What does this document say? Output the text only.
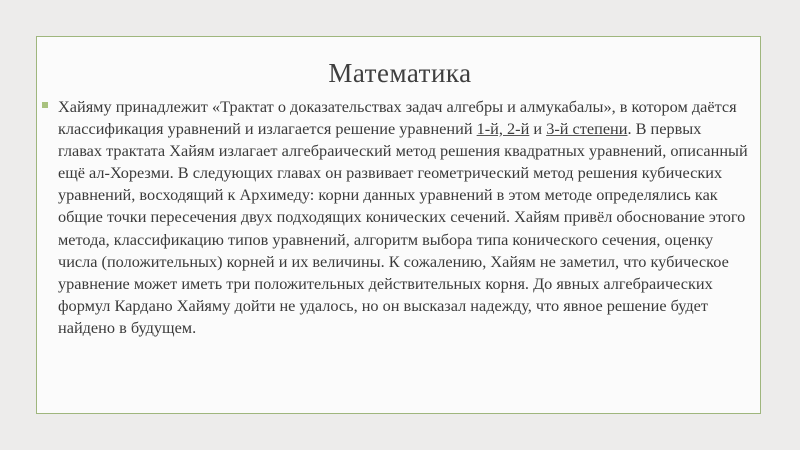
Математика
Хайяму принадлежит «Трактат о доказательствах задач алгебры и алмукабалы», в котором даётся классификация уравнений и излагается решение уравнений 1-й, 2-й и 3-й степени. В первых главах трактата Хайям излагает алгебраический метод решения квадратных уравнений, описанный ещё ал-Хорезми. В следующих главах он развивает геометрический метод решения кубических уравнений, восходящий к Архимеду: корни данных уравнений в этом методе определялись как общие точки пересечения двух подходящих конических сечений. Хайям привёл обоснование этого метода, классификацию типов уравнений, алгоритм выбора типа конического сечения, оценку числа (положительных) корней и их величины. К сожалению, Хайям не заметил, что кубическое уравнение может иметь три положительных действительных корня. До явных алгебраических формул Кардано Хайяму дойти не удалось, но он высказал надежду, что явное решение будет найдено в будущем.
